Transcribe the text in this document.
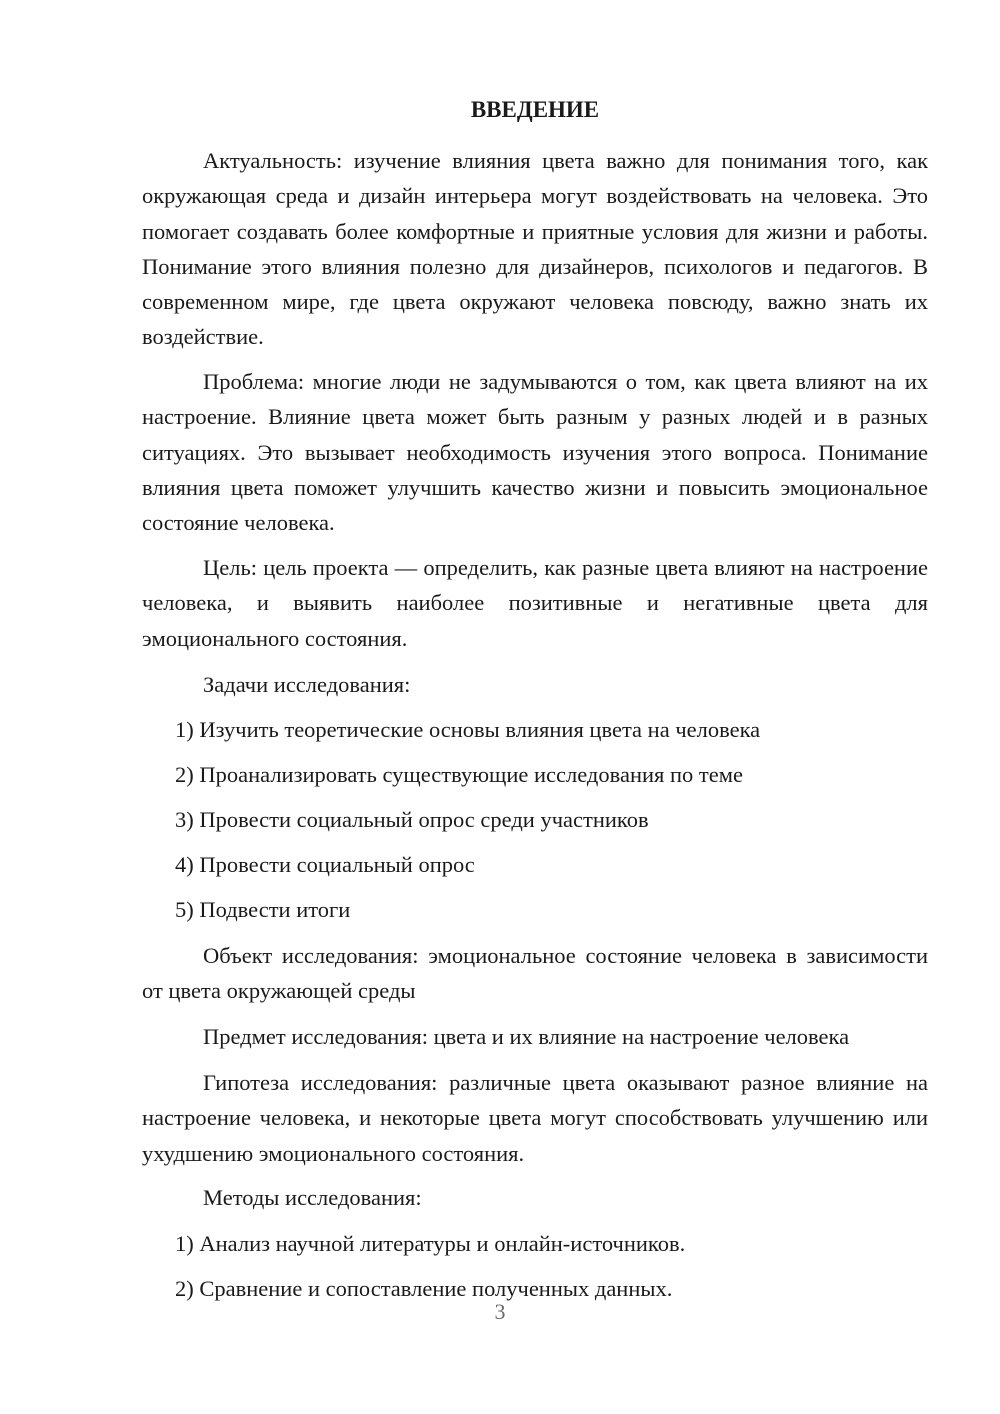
ВВЕДЕНИЕ

Актуальность: изучение влияния цвета важно для понимания того, как окружающая среда и дизайн интерьера могут воздействовать на человека. Это помогает создавать более комфортные и приятные условия для жизни и работы. Понимание этого влияния полезно для дизайнеров, психологов и педагогов. В современном мире, где цвета окружают человека повсюду, важно знать их воздействие.

Проблема: многие люди не задумываются о том, как цвета влияют на их настроение. Влияние цвета может быть разным у разных людей и в разных ситуациях. Это вызывает необходимость изучения этого вопроса. Понимание влияния цвета поможет улучшить качество жизни и повысить эмоциональное состояние человека.

Цель: цель проекта — определить, как разные цвета влияют на настроение человека, и выявить наиболее позитивные и негативные цвета для эмоционального состояния.

Задачи исследования:

1) Изучить теоретические основы влияния цвета на человека

2) Проанализировать существующие исследования по теме

3) Провести социальный опрос среди участников

4) Провести социальный опрос

5) Подвести итоги

Объект исследования: эмоциональное состояние человека в зависимости от цвета окружающей среды

Предмет исследования: цвета и их влияние на настроение человека

Гипотеза исследования: различные цвета оказывают разное влияние на настроение человека, и некоторые цвета могут способствовать улучшению или ухудшению эмоционального состояния.

Методы исследования:

1) Анализ научной литературы и онлайн-источников.

2) Сравнение и сопоставление полученных данных.

3
